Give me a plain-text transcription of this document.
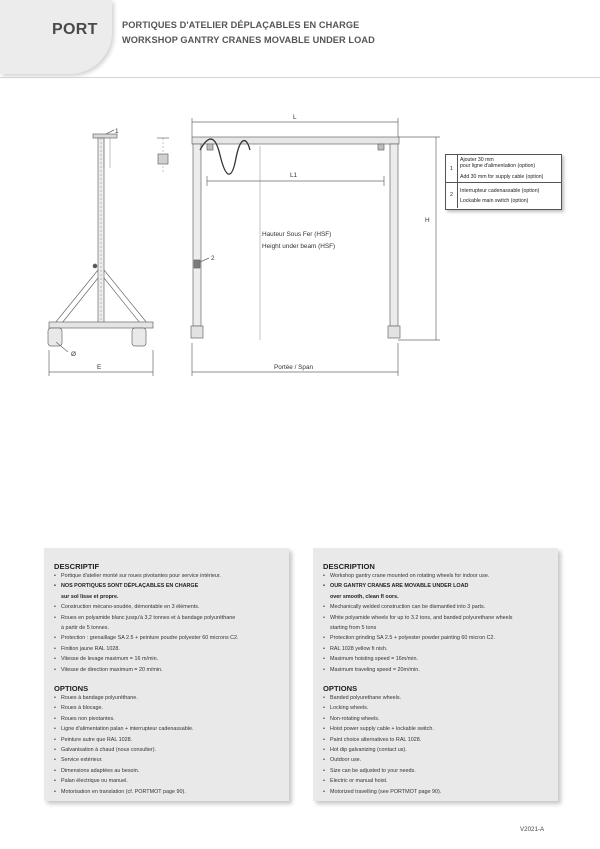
PORT	PORTIQUES D'ATELIER DÉPLAÇABLES EN CHARGE
WORKSHOP GANTRY CRANES MOVABLE UNDER LOAD
L
L1
H
E
Ø
Portée / Span
Hauteur Sous Fer (HSF)
Height under beam (HSF)
1
2
1
Ajouter 30 mm
pour ligne d'alimentation (option)
Add 30 mm for supply cable (option)
2
Interrupteur cadenassable (option)
Lockable main switch (option)
DESCRIPTIF
• Portique d'atelier monté sur roues pivotantes pour service intérieur.
• NOS PORTIQUES SONT DÉPLAÇABLES EN CHARGE
sur sol lisse et propre.
• Construction mécano-soudée, démontable en 3 éléments.
• Roues en polyamide blanc jusqu'à 3,2 tonnes et à bandage polyuréthane
à partir de 5 tonnes.
• Protection : grenaillage SA 2.5 + peinture poudre polyester 60 microns C2.
• Finition jaune RAL 1028.
• Vitesse de levage maximum = 16 m/min.
• Vitesse de direction maximum = 20 m/min.
OPTIONS
• Roues à bandage polyuréthane.
• Roues à blocage.
• Roues non pivotantes.
• Ligne d'alimentation palan + interrupteur cadenassable.
• Peinture autre que RAL 1028.
• Galvanisation à chaud (nous consulter).
• Service extérieur.
• Dimensions adaptées au besoin.
• Palan électrique ou manuel.
• Motorisation en translation (cf. PORTMOT page 90).
DESCRIPTION
• Workshop gantry crane mounted on rotating wheels for indoor use.
• OUR GANTRY CRANES ARE MOVABLE UNDER LOAD
over smooth, clean fl oors.
• Mechanically welded construction can be dismantled into 3 parts.
• White polyamide wheels for up to 3.2 tons, and banded polyurethane wheels
starting from 5 tons
• Protection:grinding SA 2.5 + polyester powder painting 60 micron C2.
• RAL 1028 yellow fi nish.
• Maximum hoisting speed = 16m/min.
• Maximum traveling speed = 20m/min.
OPTIONS
• Banded polyurethane wheels.
• Locking wheels.
• Non-rotating wheels.
• Hoist power supply cable + lockable switch.
• Paint choice alternatives to RAL 1028.
• Hot dip galvanizing (contact us).
• Outdoor use.
• Size can be adjusted to your needs.
• Electric or manual hoist.
• Motorized travelling (see PORTMOT page 90).
V2021-A
